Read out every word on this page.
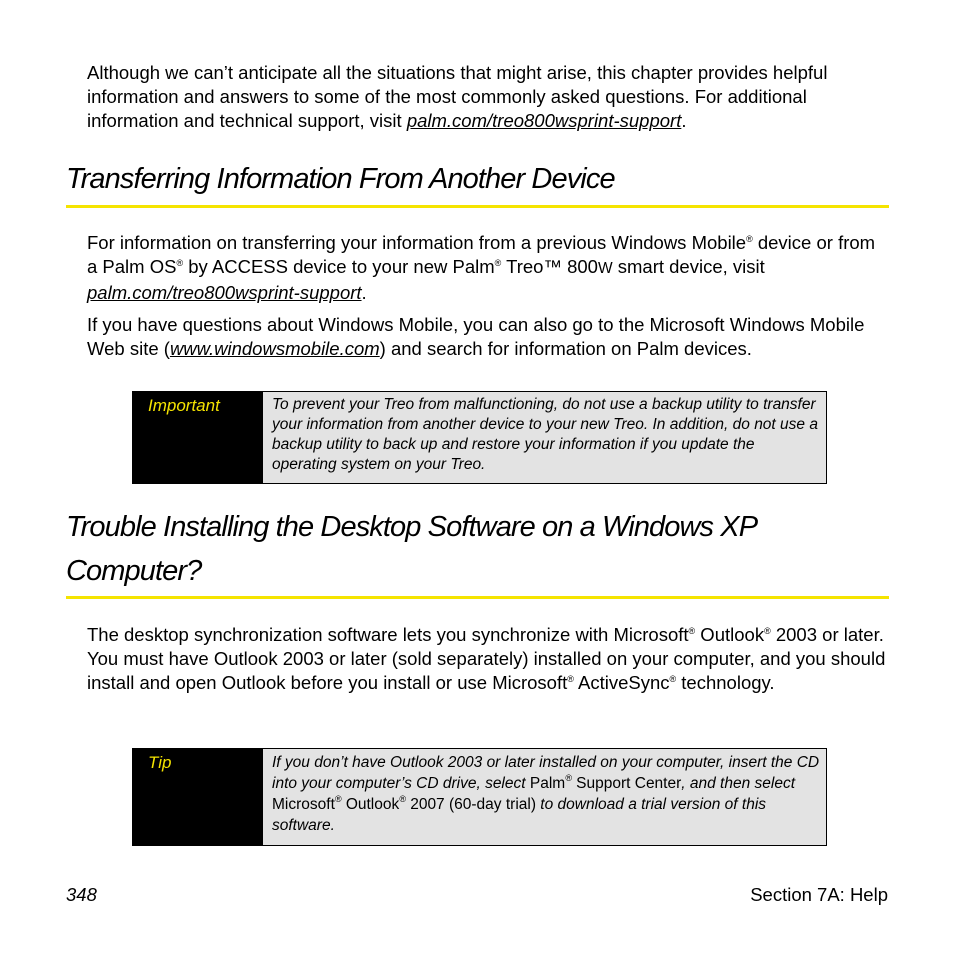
Although we can’t anticipate all the situations that might arise, this chapter provides helpful information and answers to some of the most commonly asked questions. For additional information and technical support, visit palm.com/treo800wsprint-support.
Transferring Information From Another Device
For information on transferring your information from a previous Windows Mobile® device or from a Palm OS® by ACCESS device to your new Palm® Treo™ 800W smart device, visit palm.com/treo800wsprint-support.
If you have questions about Windows Mobile, you can also go to the Microsoft Windows Mobile Web site (www.windowsmobile.com) and search for information on Palm devices.
Important	To prevent your Treo from malfunctioning, do not use a backup utility to transfer your information from another device to your new Treo. In addition, do not use a backup utility to back up and restore your information if you update the operating system on your Treo.
Trouble Installing the Desktop Software on a Windows XP Computer?
The desktop synchronization software lets you synchronize with Microsoft® Outlook® 2003 or later. You must have Outlook 2003 or later (sold separately) installed on your computer, and you should install and open Outlook before you install or use Microsoft® ActiveSync® technology.
Tip	If you don’t have Outlook 2003 or later installed on your computer, insert the CD into your computer’s CD drive, select Palm® Support Center, and then select Microsoft® Outlook® 2007 (60-day trial) to download a trial version of this software.
348	Section 7A: Help
